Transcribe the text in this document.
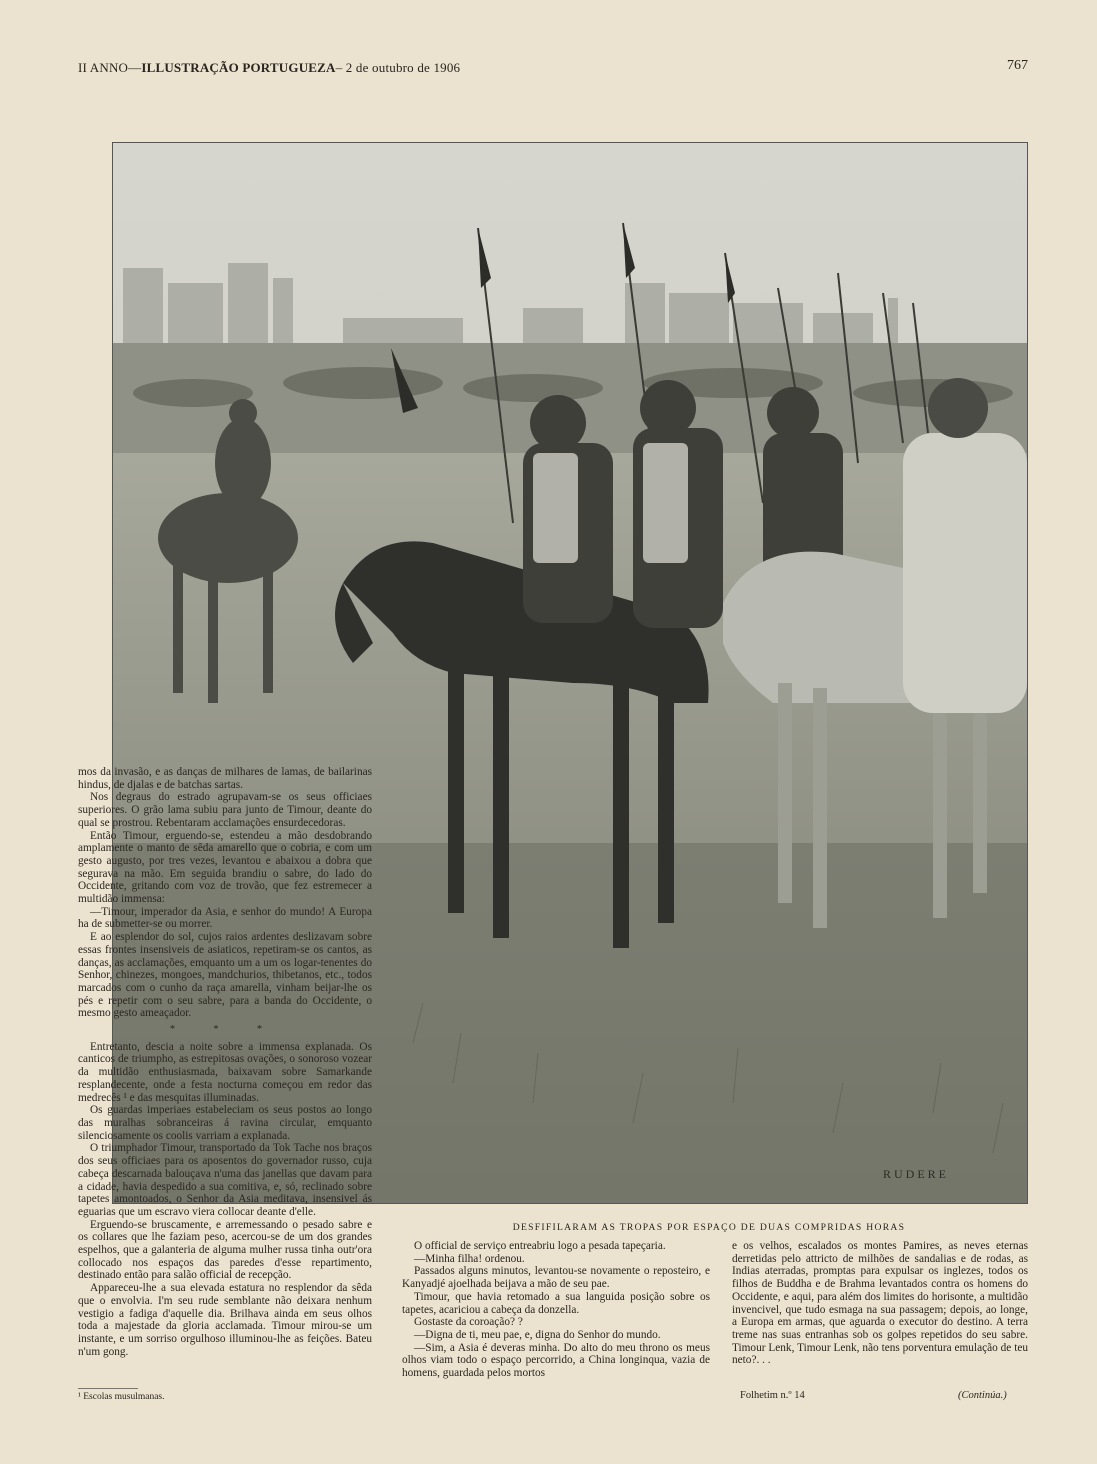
II ANNO—ILLUSTRAÇÃO PORTUGUEZA– 2 de outubro de 1906	767
RUDERE

mos da invasão, e as danças de milhares de lamas, de bailarinas hindus, de djalas e de batchas sartas.

Nos degraus do estrado agrupavam-se os seus officiaes superiores. O grão lama subiu para junto de Timour, deante do qual se prostrou. Rebentaram acclamações ensurdecedoras.

Então Timour, erguendo-se, estendeu a mão desdobrando amplamente o manto de sêda amarello que o cobria, e com um gesto augusto, por tres vezes, levantou e abaixou a dobra que segurava na mão. Em seguida brandiu o sabre, do lado do Occidente, gritando com voz de trovão, que fez estremecer a multidão immensa:

—Timour, imperador da Asia, e senhor do mundo! A Europa ha de submetter-se ou morrer.

E ao esplendor do sol, cujos raios ardentes deslizavam sobre essas frontes insensiveis de asiaticos, repetiram-se os cantos, as danças, as acclamações, emquanto um a um os logar-tenentes do Senhor, chinezes, mongoes, mandchurios, thibetanos, etc., todos marcados com o cunho da raça amarella, vinham beijar-lhe os pés e repetir com o seu sabre, para a banda do Occidente, o mesmo gesto ameaçador.

* * *

Entretanto, descia a noite sobre a immensa explanada. Os canticos de triumpho, as estrepitosas ovações, o sonoroso vozear da multidão enthusiasmada, baixavam sobre Samarkande resplandecente, onde a festa nocturna começou em redor das medrecês ¹ e das mesquitas illuminadas.

Os guardas imperiaes estabeleciam os seus postos ao longo das muralhas sobranceiras á ravina circular, emquanto silenciosamente os coolis varriam a explanada.

O triumphador Timour, transportado da Tok Tache nos braços dos seus officiaes para os aposentos do governador russo, cuja cabeça descarnada balouçava n'uma das janellas que davam para a cidade, havia despedido a sua comitiva, e, só, reclinado sobre tapetes amontoados, o Senhor da Asia meditava, insensivel ás eguarias que um escravo viera collocar deante d'elle.

Erguendo-se bruscamente, e arremessando o pesado sabre e os collares que lhe faziam peso, acercou-se de um dos grandes espelhos, que a galanteria de alguma mulher russa tinha outr'ora collocado nos espaços das paredes d'esse repartimento, destinado então para salão official de recepção.

Appareceu-lhe a sua elevada estatura no resplendor da sêda que o envolvia. I'm seu rude semblante não deixara nenhum vestigio a fadiga d'aquelle dia. Brilhava ainda em seus olhos toda a majestade da gloria acclamada. Timour mirou-se um instante, e um sorriso orgulhoso illuminou-lhe as feições. Bateu n'um gong.

¹ Escolas musulmanas.
DESFIFILARAM AS TROPAS POR ESPAÇO DE DUAS COMPRIDAS HORAS

O official de serviço entreabriu logo a pesada tapeçaria.

—Minha filha! ordenou.

Passados alguns minutos, levantou-se novamente o reposteiro, e Kanyadjé ajoelhada beijava a mão de seu pae.

Timour, que havia retomado a sua languida posição sobre os tapetes, acariciou a cabeça da donzella.

Gostaste da coroação? ?

—Digna de ti, meu pae, e, digna do Senhor do mundo.

—Sim, a Asia é deveras minha. Do alto do meu throno os meus olhos viam todo o espaço percorrido, a China longinqua, vazia de homens, guardada pelos mortos

e os velhos, escalados os montes Pamires, as neves eternas derretidas pelo attricto de milhões de sandalias e de rodas, as Indias aterradas, promptas para expulsar os inglezes, todos os filhos de Buddha e de Brahma levantados contra os homens do Occidente, e aqui, para além dos limites do horisonte, a multidão invencivel, que tudo esmaga na sua passagem; depois, ao longe, a Europa em armas, que aguarda o executor do destino. A terra treme nas suas entranhas sob os golpes repetidos do seu sabre. Timour Lenk, Timour Lenk, não tens porventura emulação de teu neto?. . .

Folhetim n.º 14	(Continúa.)
